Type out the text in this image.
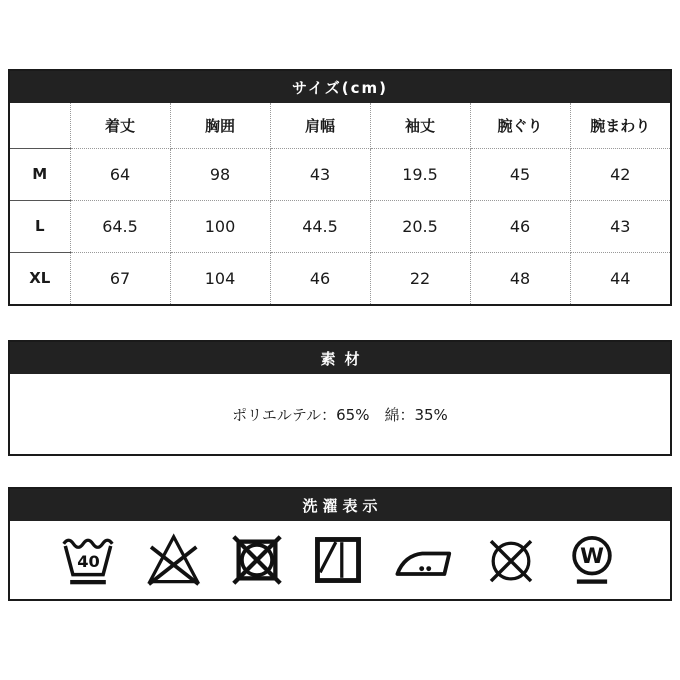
サイズ(cm)
	着丈	胸囲	肩幅	袖丈	腕ぐり	腕まわり
M	64	98	43	19.5	45	42
L	64.5	100	44.5	20.5	46	43
XL	67	104	46	22	48	44
素材
ポリエルテル：65%　綿：35%
洗濯表示
40	W
